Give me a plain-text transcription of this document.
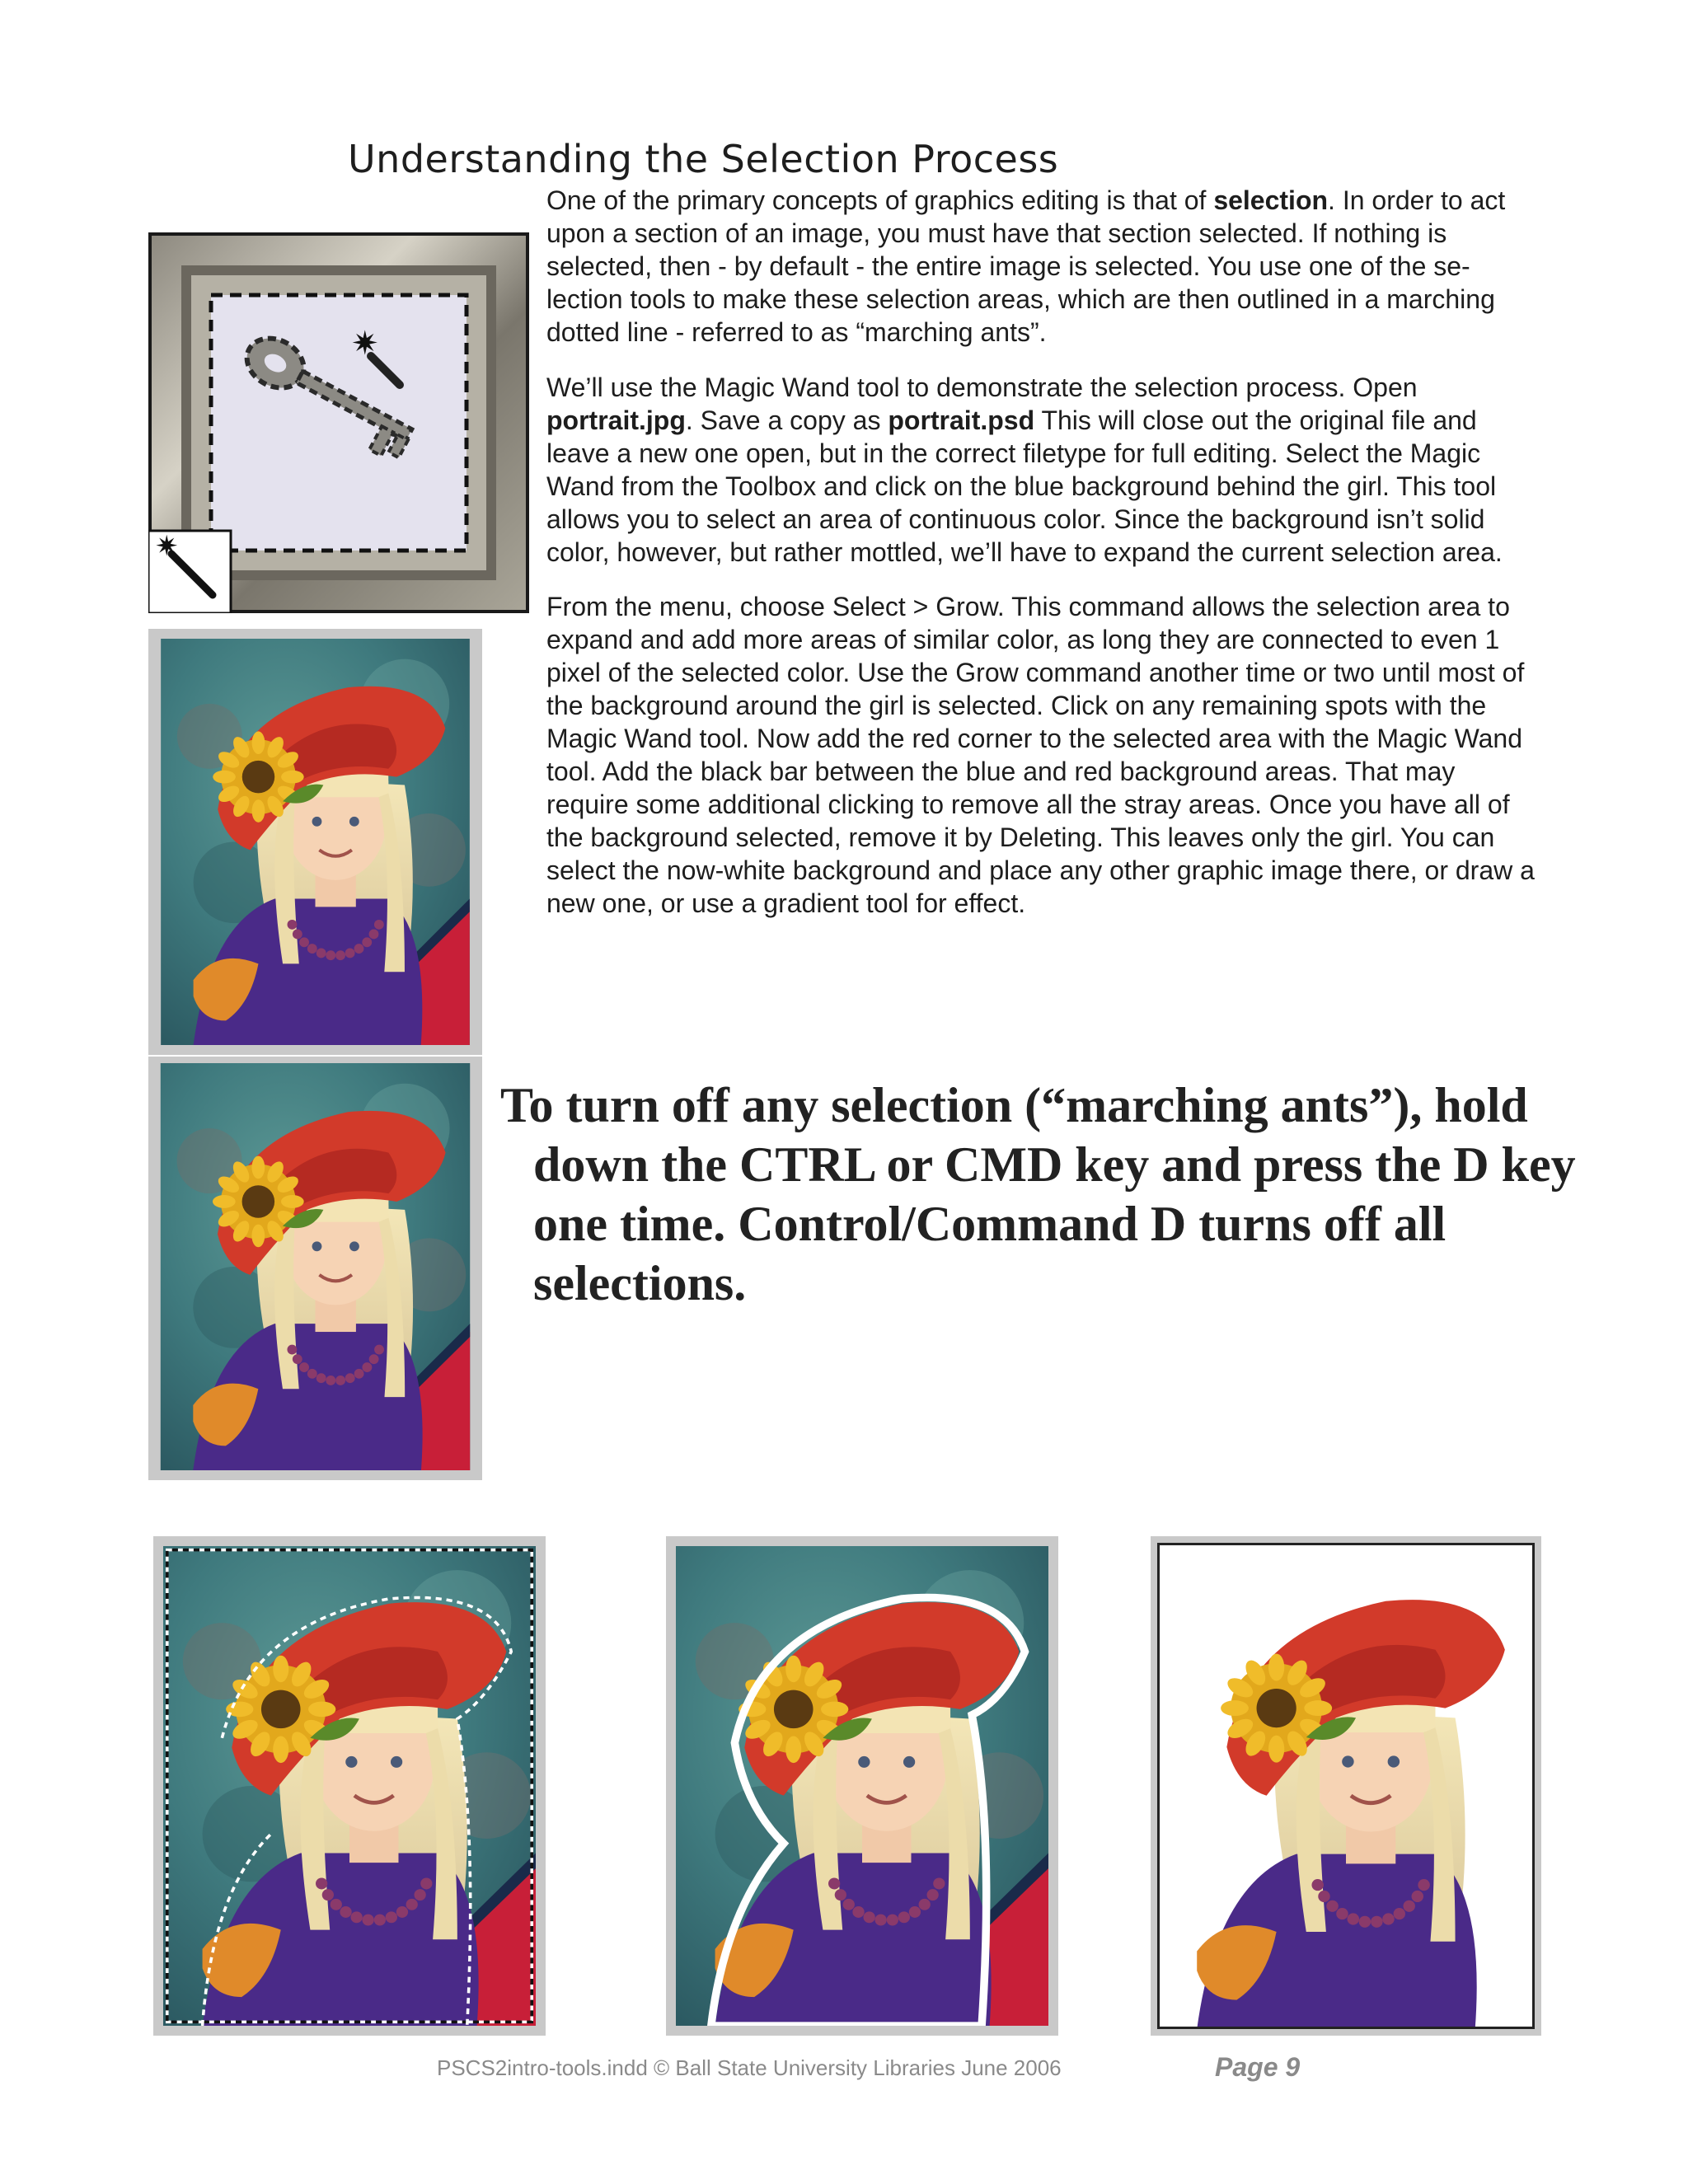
Understanding the Selection Process

One of the primary concepts of graphics editing is that of selection. In order to act upon a section of an image, you must have that section selected. If nothing is selected, then - by default - the entire image is selected. You use one of the se-lection tools to make these selection areas, which are then outlined in a marching dotted line - referred to as “marching ants”.

We’ll use the Magic Wand tool to demonstrate the selection process. Open portrait.jpg. Save a copy as portrait.psd This will close out the original file and leave a new one open, but in the correct filetype for full editing. Select the Magic Wand from the Toolbox and click on the blue background behind the girl. This tool allows you to select an area of continuous color. Since the background isn’t solid color, however, but rather mottled, we’ll have to expand the current selection area.

From the menu, choose Select > Grow. This command allows the selection area to expand and add more areas of similar color, as long they are connected to even 1 pixel of the selected color. Use the Grow command another time or two until most of the background around the girl is selected. Click on any remaining spots with the Magic Wand tool. Now add the red corner to the selected area with the Magic Wand tool. Add the black bar between the blue and red background areas. That may require some additional clicking to remove all the stray areas. Once you have all of the background selected, remove it by Deleting. This leaves only the girl. You can select the now-white background and place any other graphic image there, or draw a new one, or use a gradient tool for effect.

To turn off any selection (“marching ants”), hold down the CTRL or CMD key and press the D key one time. Control/Command D turns off all selections.

PSCS2intro-tools.indd © Ball State University Libraries June 2006	Page 9
✷
✷
